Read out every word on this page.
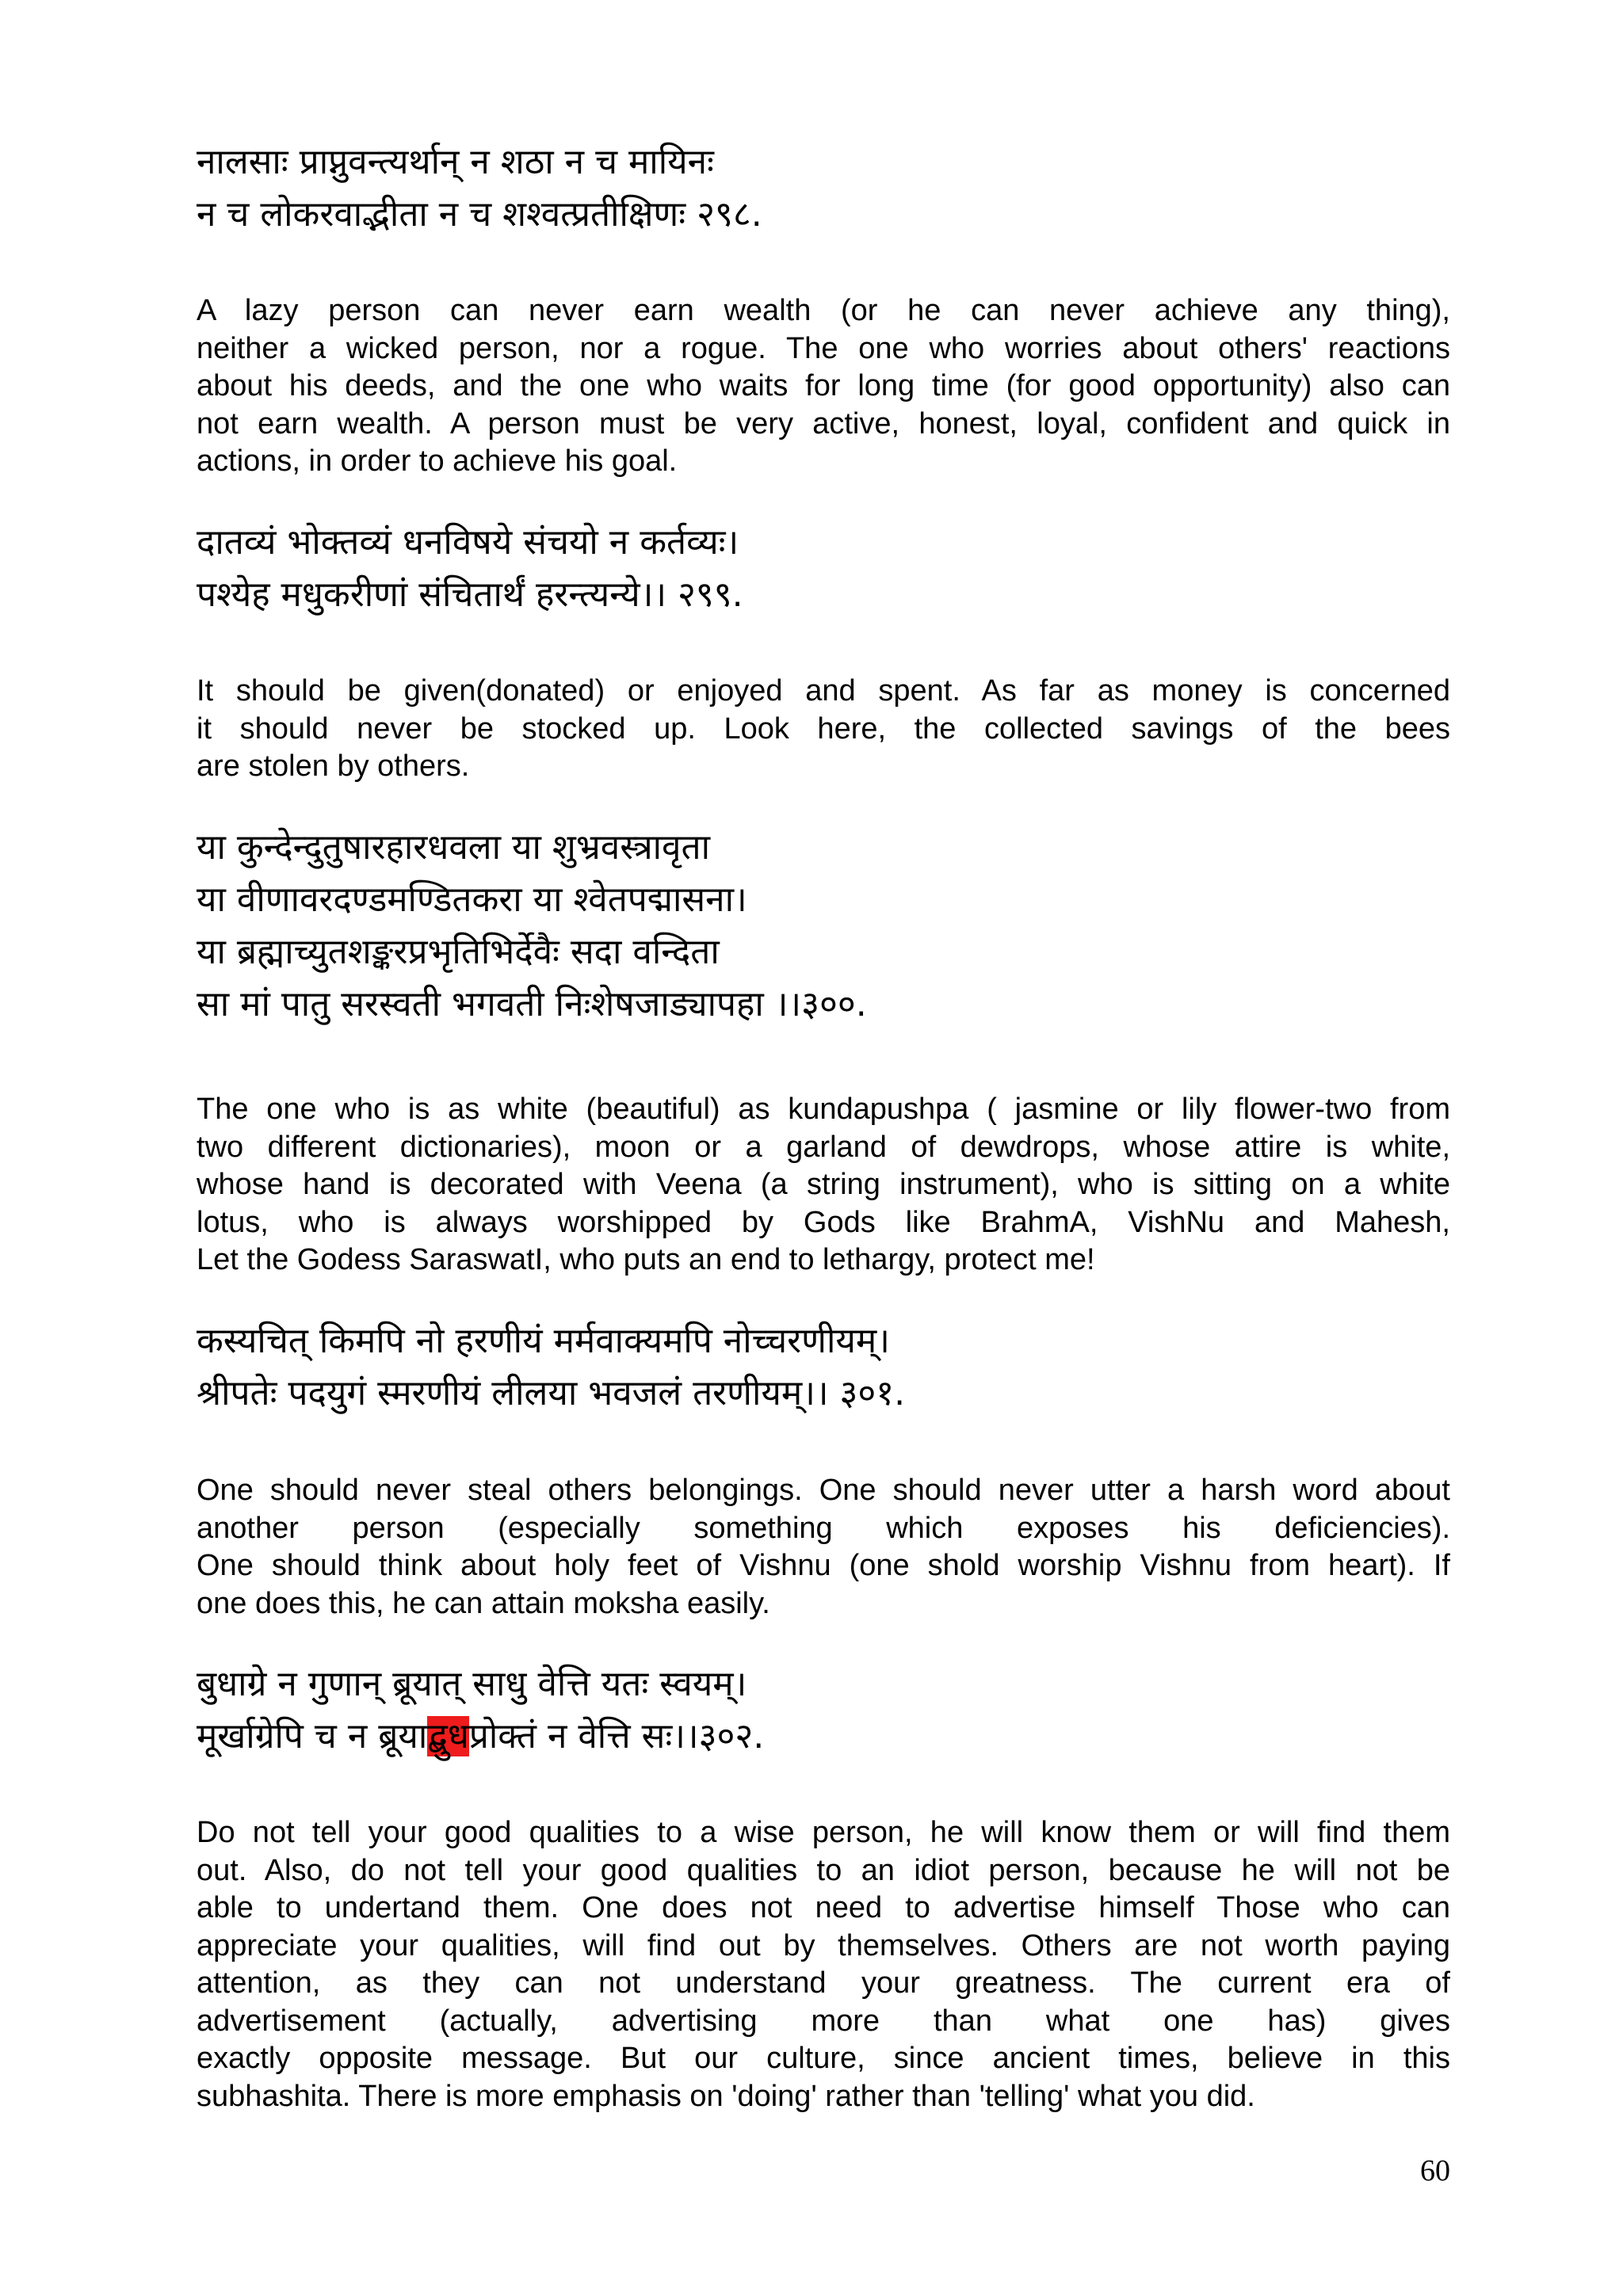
नालसाः प्राप्नुवन्त्यर्थान् न शठा न च मायिनः
न च लोकरवाद्भीता न च शश्वत्प्रतीक्षिणः २९८.
A lazy person can never earn wealth (or he can never achieve any thing),
neither a wicked person, nor a rogue. The one who worries about others' reactions
about his deeds, and the one who waits for long time (for good opportunity) also can
not earn wealth. A person must be very active, honest, loyal, confident and quick in
actions, in order to achieve his goal.
दातव्यं भोक्तव्यं धनविषये संचयो न कर्तव्यः।
पश्येह मधुकरीणां संचितार्थं हरन्त्यन्ये।। २९९.
It should be given(donated) or enjoyed and spent. As far as money is concerned
it should never be stocked up. Look here, the collected savings of the bees
are stolen by others.
या कुन्देन्दुतुषारहारधवला या शुभ्रवस्त्रावृता
या वीणावरदण्डमण्डितकरा या श्वेतपद्मासना।
या ब्रह्माच्युतशङ्करप्रभृतिभिर्देवैः सदा वन्दिता
सा मां पातु सरस्वती भगवती निःशेषजाड्यापहा ।।३००.
The one who is as white (beautiful) as kundapushpa ( jasmine or lily flower-two from
two different dictionaries), moon or a garland of dewdrops, whose attire is white,
whose hand is decorated with Veena (a string instrument), who is sitting on a white
lotus, who is always worshipped by Gods like BrahmA, VishNu and Mahesh,
Let the Godess SaraswatI, who puts an end to lethargy, protect me!
कस्यचित् किमपि नो हरणीयं मर्मवाक्यमपि नोच्चरणीयम्।
श्रीपतेः पदयुगं स्मरणीयं लीलया भवजलं तरणीयम्।। ३०१.
One should never steal others belongings. One should never utter a harsh word about
another person (especially something which exposes his deficiencies).
One should think about holy feet of Vishnu (one shold worship Vishnu from heart). If
one does this, he can attain moksha easily.
बुधाग्रे न गुणान् ब्रूयात् साधु वेत्ति यतः स्वयम्।
मूर्खाग्रेपि च न ब्रूयाद्बुधप्रोक्तं न वेत्ति सः।।३०२.
Do not tell your good qualities to a wise person, he will know them or will find them
out. Also, do not tell your good qualities to an idiot person, because he will not be
able to undertand them. One does not need to advertise himself Those who can
appreciate your qualities, will find out by themselves. Others are not worth paying
attention, as they can not understand your greatness. The current era of
advertisement (actually, advertising more than what one has) gives
exactly opposite message. But our culture, since ancient times, believe in this
subhashita. There is more emphasis on 'doing' rather than 'telling' what you did.
60
